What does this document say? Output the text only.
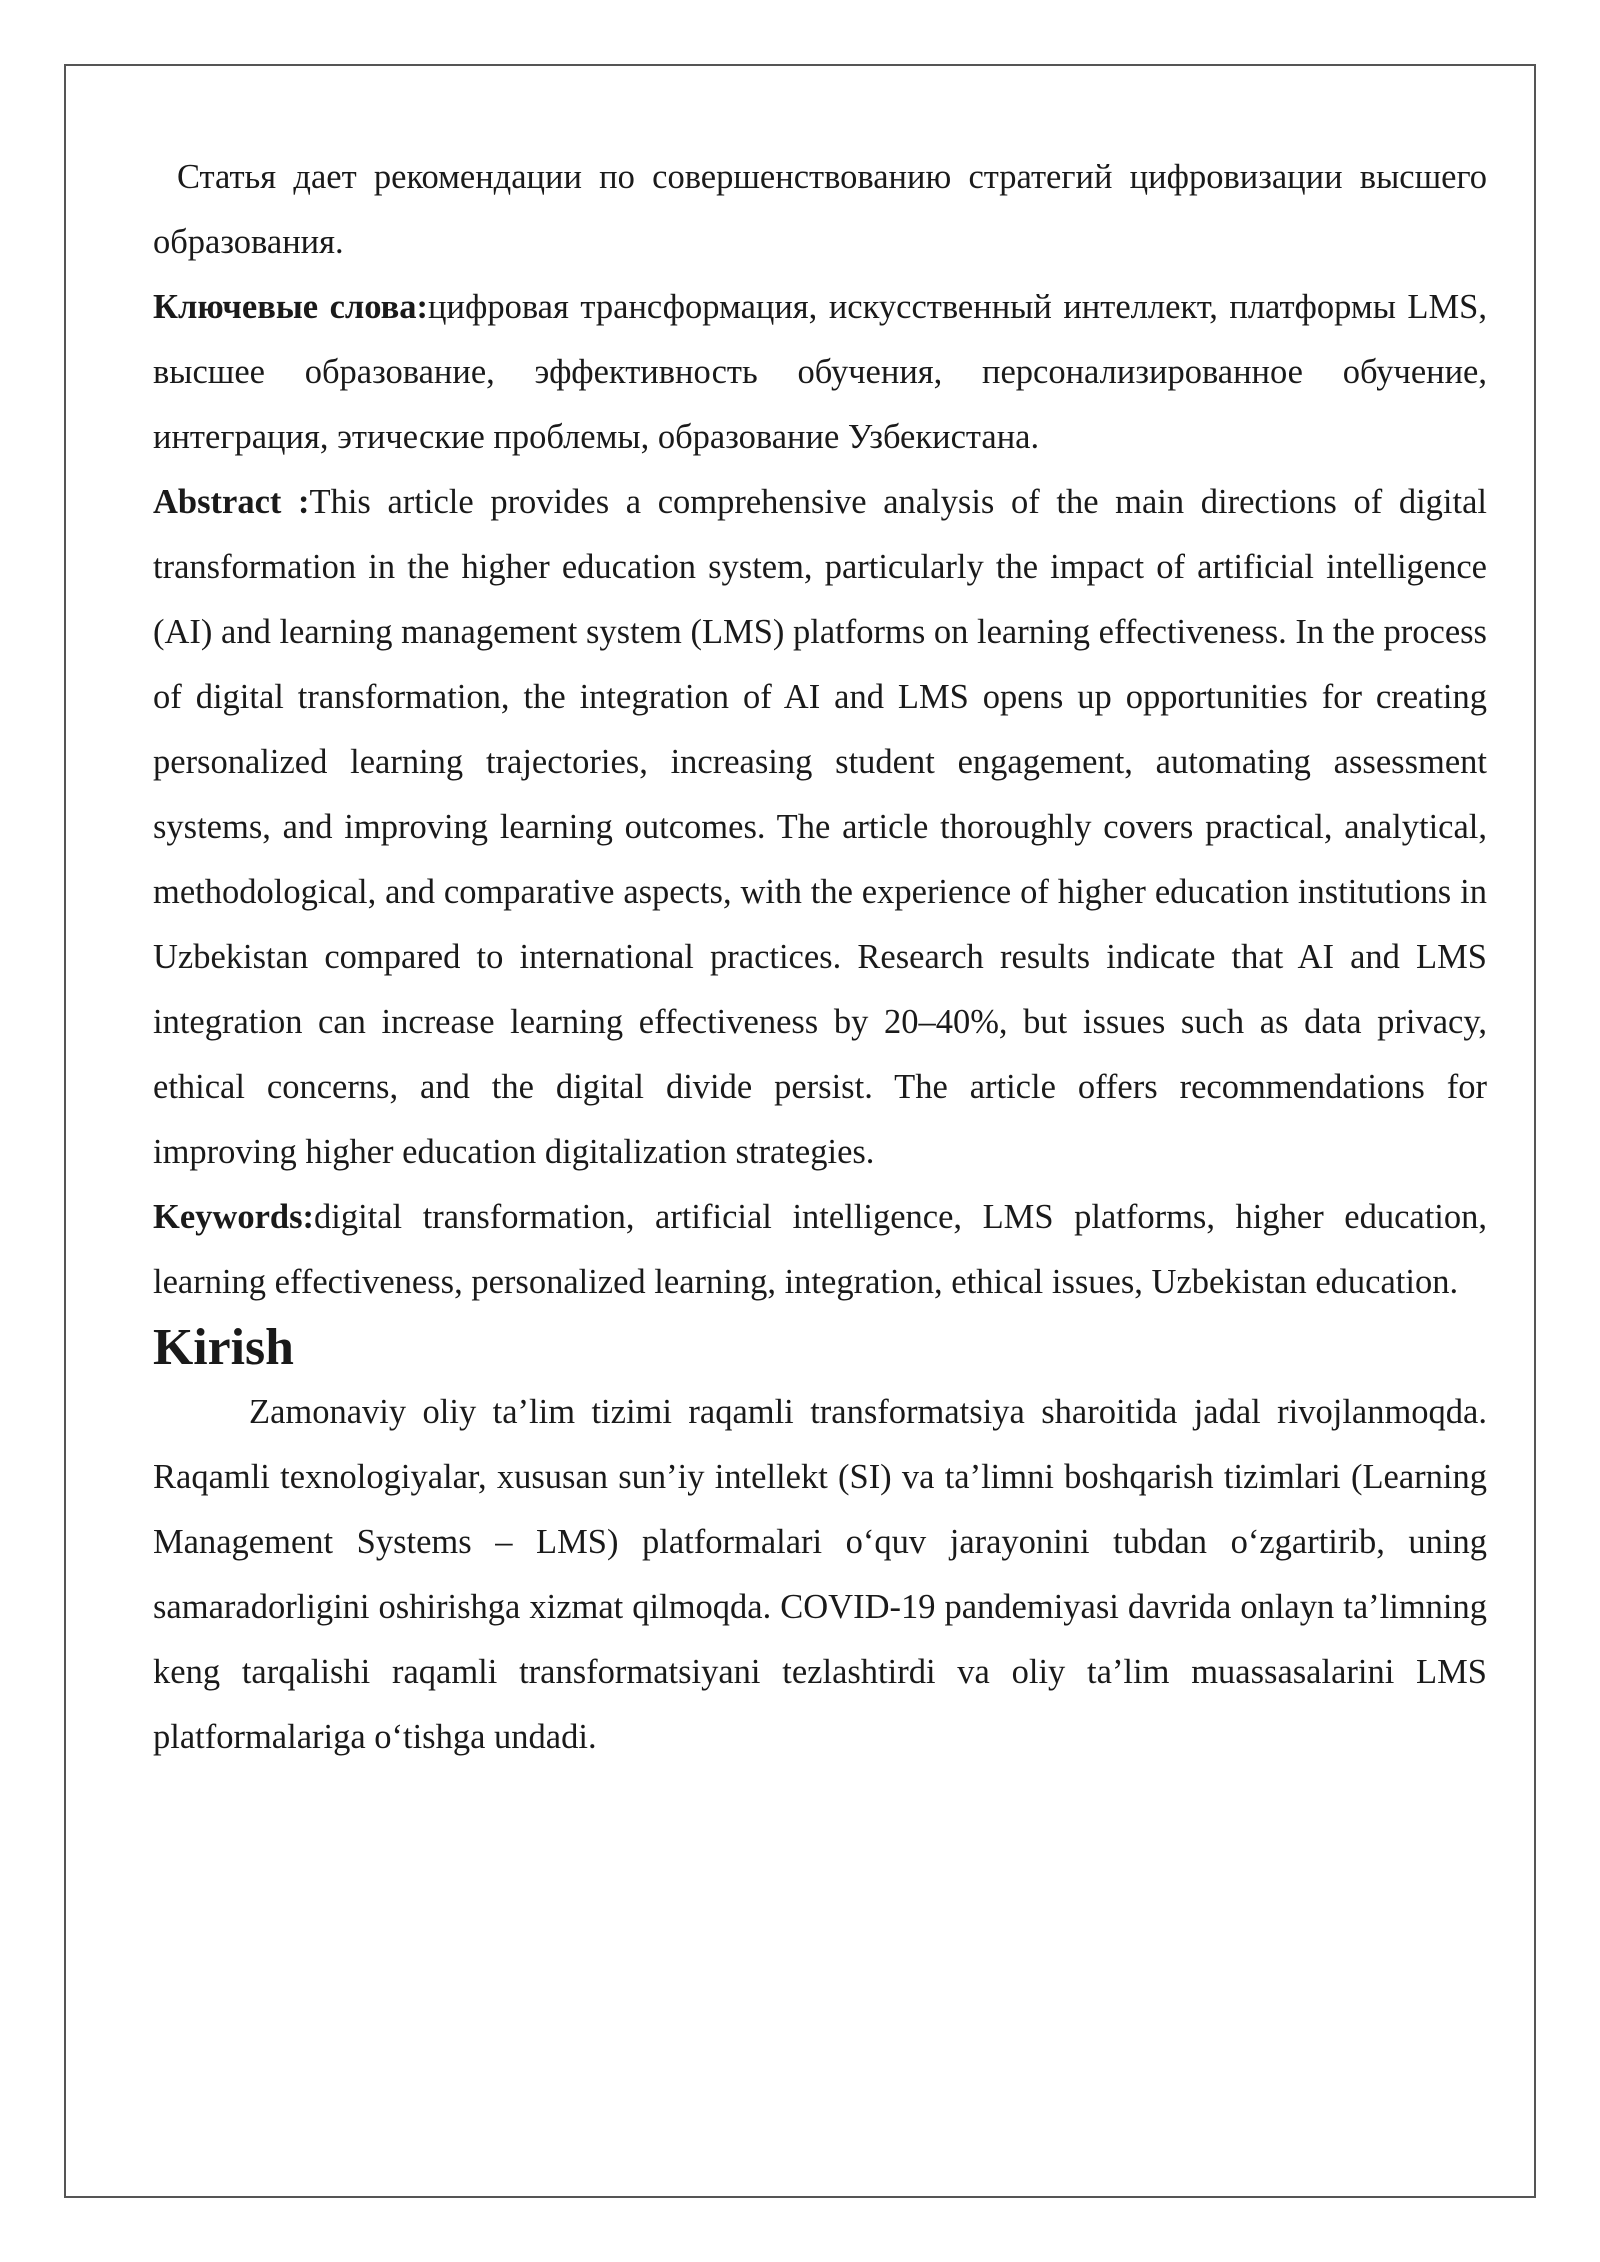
Статья дает рекомендации по совершенствованию стратегий цифровизации высшего образования.

Ключевые слова:цифровая трансформация, искусственный интеллект, платформы LMS, высшее образование, эффективность обучения, персонализированное обучение, интеграция, этические проблемы, образование Узбекистана.

Abstract :This article provides a comprehensive analysis of the main directions of digital transformation in the higher education system, particularly the impact of artificial intelligence (AI) and learning management system (LMS) platforms on learning effectiveness. In the process of digital transformation, the integration of AI and LMS opens up opportunities for creating personalized learning trajectories, increasing student engagement, automating assessment systems, and improving learning outcomes. The article thoroughly covers practical, analytical, methodological, and comparative aspects, with the experience of higher education institutions in Uzbekistan compared to international practices. Research results indicate that AI and LMS integration can increase learning effectiveness by 20–40%, but issues such as data privacy, ethical concerns, and the digital divide persist. The article offers recommendations for improving higher education digitalization strategies.

Keywords:digital transformation, artificial intelligence, LMS platforms, higher education, learning effectiveness, personalized learning, integration, ethical issues, Uzbekistan education.

Kirish

Zamonaviy oliy ta’lim tizimi raqamli transformatsiya sharoitida jadal rivojlanmoqda. Raqamli texnologiyalar, xususan sun’iy intellekt (SI) va ta’limni boshqarish tizimlari (Learning Management Systems – LMS) platformalari o‘quv jarayonini tubdan o‘zgartirib, uning samaradorligini oshirishga xizmat qilmoqda. COVID-19 pandemiyasi davrida onlayn ta’limning keng tarqalishi raqamli transformatsiyani tezlashtirdi va oliy ta’lim muassasalarini LMS platformalariga o‘tishga undadi.
